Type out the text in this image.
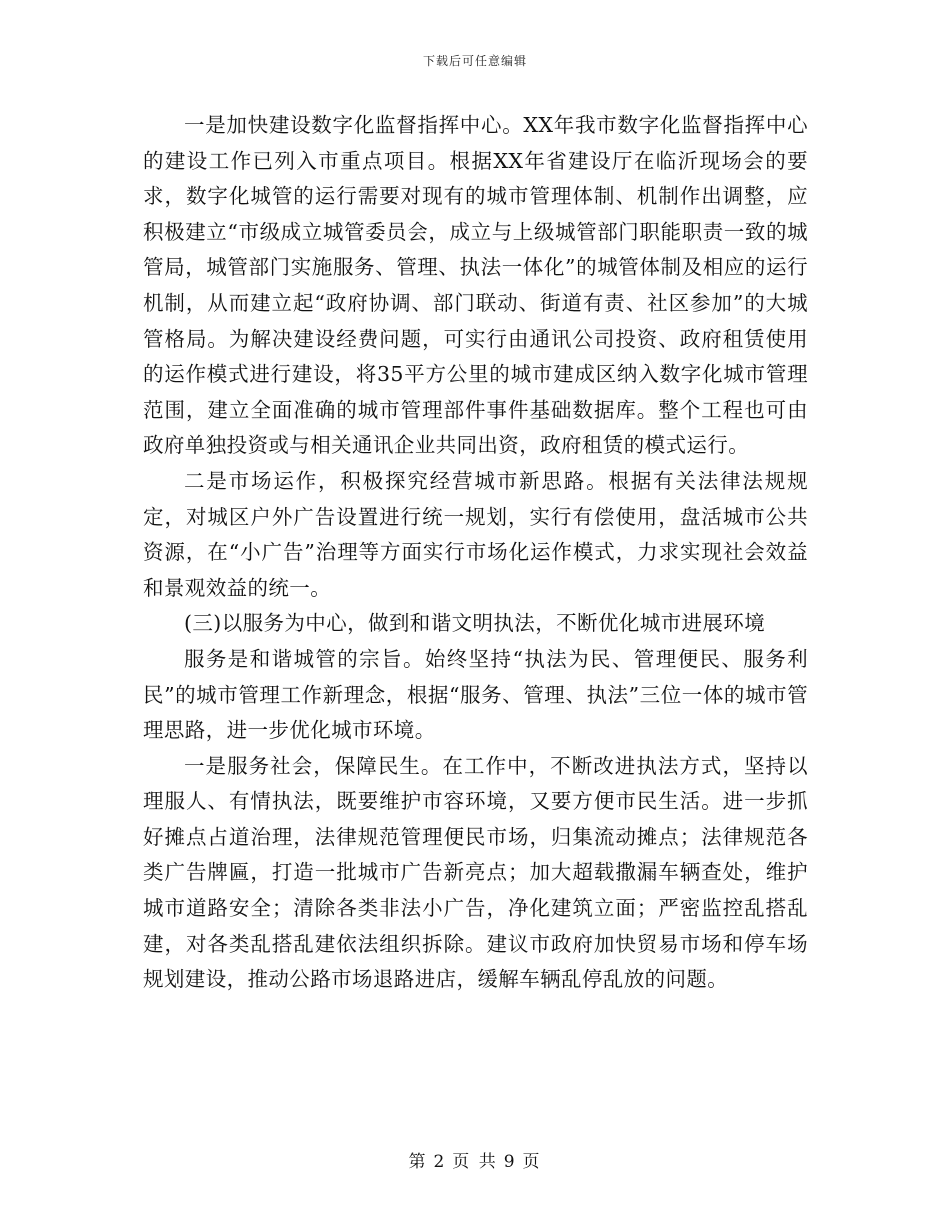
下载后可任意编辑

一是加快建设数字化监督指挥中心。XX年我市数字化监督指挥中心的建设工作已列入市重点项目。根据XX年省建设厅在临沂现场会的要求，数字化城管的运行需要对现有的城市管理体制、机制作出调整，应积极建立“市级成立城管委员会，成立与上级城管部门职能职责一致的城管局，城管部门实施服务、管理、执法一体化”的城管体制及相应的运行机制，从而建立起“政府协调、部门联动、街道有责、社区参加”的大城管格局。为解决建设经费问题，可实行由通讯公司投资、政府租赁使用的运作模式进行建设，将35平方公里的城市建成区纳入数字化城市管理范围，建立全面准确的城市管理部件事件基础数据库。整个工程也可由政府单独投资或与相关通讯企业共同出资，政府租赁的模式运行。

二是市场运作，积极探究经营城市新思路。根据有关法律法规规定，对城区户外广告设置进行统一规划，实行有偿使用，盘活城市公共资源，在“小广告”治理等方面实行市场化运作模式，力求实现社会效益和景观效益的统一。

(三)以服务为中心，做到和谐文明执法，不断优化城市进展环境

服务是和谐城管的宗旨。始终坚持“执法为民、管理便民、服务利民”的城市管理工作新理念，根据“服务、管理、执法”三位一体的城市管理思路，进一步优化城市环境。

一是服务社会，保障民生。在工作中，不断改进执法方式，坚持以理服人、有情执法，既要维护市容环境，又要方便市民生活。进一步抓好摊点占道治理，法律规范管理便民市场，归集流动摊点；法律规范各类广告牌匾，打造一批城市广告新亮点；加大超载撒漏车辆查处，维护城市道路安全；清除各类非法小广告，净化建筑立面；严密监控乱搭乱建，对各类乱搭乱建依法组织拆除。建议市政府加快贸易市场和停车场规划建设，推动公路市场退路进店，缓解车辆乱停乱放的问题。

第 2 页 共 9 页
